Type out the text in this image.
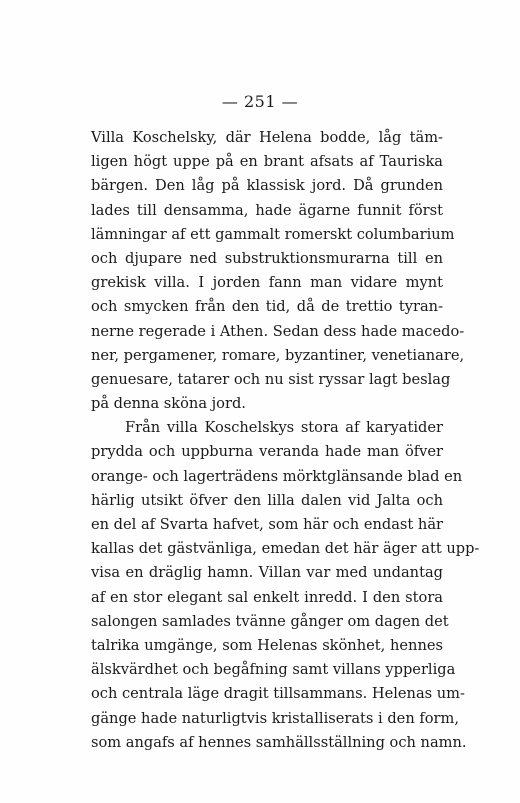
— 251 —
Villa Koschelsky, där Helena bodde, låg täm-
ligen högt uppe på en brant afsats af Tauriska
bärgen. Den låg på klassisk jord. Då grunden
lades till densamma, hade ägarne funnit först
lämningar af ett gammalt romerskt columbarium
och djupare ned substruktionsmurarna till en
grekisk villa. I jorden fann man vidare mynt
och smycken från den tid, då de trettio tyran-
nerne regerade i Athen. Sedan dess hade macedo-
ner, pergamener, romare, byzantiner, venetianare,
genuesare, tatarer och nu sist ryssar lagt beslag
på denna sköna jord.
Från villa Koschelskys stora af karyatider
prydda och uppburna veranda hade man öfver
orange- och lagerträdens mörktglänsande blad en
härlig utsikt öfver den lilla dalen vid Jalta och
en del af Svarta hafvet, som här och endast här
kallas det gästvänliga, emedan det här äger att upp-
visa en dräglig hamn. Villan var med undantag
af en stor elegant sal enkelt inredd. I den stora
salongen samlades tvänne gånger om dagen det
talrika umgänge, som Helenas skönhet, hennes
älskvärdhet och begåfning samt villans ypperliga
och centrala läge dragit tillsammans. Helenas um-
gänge hade naturligtvis kristalliserats i den form,
som angafs af hennes samhällsställning och namn.
